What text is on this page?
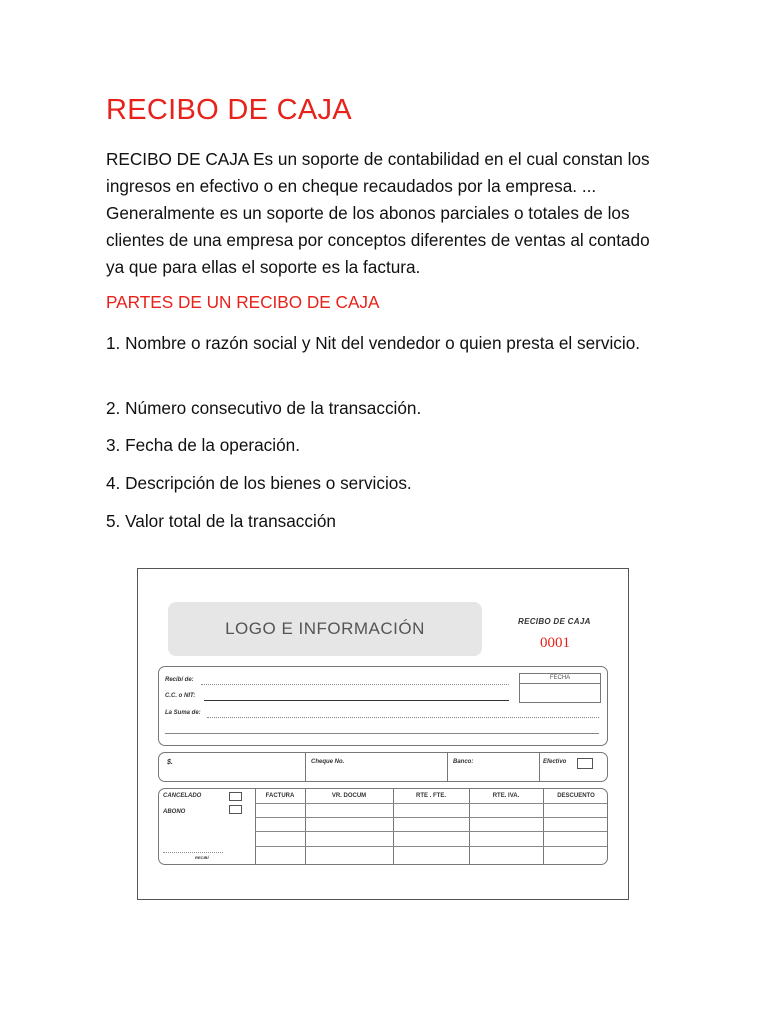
RECIBO DE CAJA
RECIBO DE CAJA Es un soporte de contabilidad en el cual constan los ingresos en efectivo o en cheque recaudados por la empresa. ... Generalmente es un soporte de los abonos parciales o totales de los clientes de una empresa por conceptos diferentes de ventas al contado ya que para ellas el soporte es la factura.
PARTES DE UN RECIBO DE CAJA
1. Nombre o razón social y Nit del vendedor o quien presta el servicio.
2. Número consecutivo de la transacción.
3. Fecha de la operación.
4. Descripción de los bienes o servicios.
5. Valor total de la transacción
LOGO E INFORMACIÓN	RECIBO DE CAJA
0001
Recibí de:
C.C. o NIT:
La Suma de:
FECHA
$.	Cheque No.	Banco:	Efectivo
CANCELADO
ABONO
RECIBÍ
FACTURA	VR. DOCUM	RTE . FTE.	RTE. IVA.	DESCUENTO
